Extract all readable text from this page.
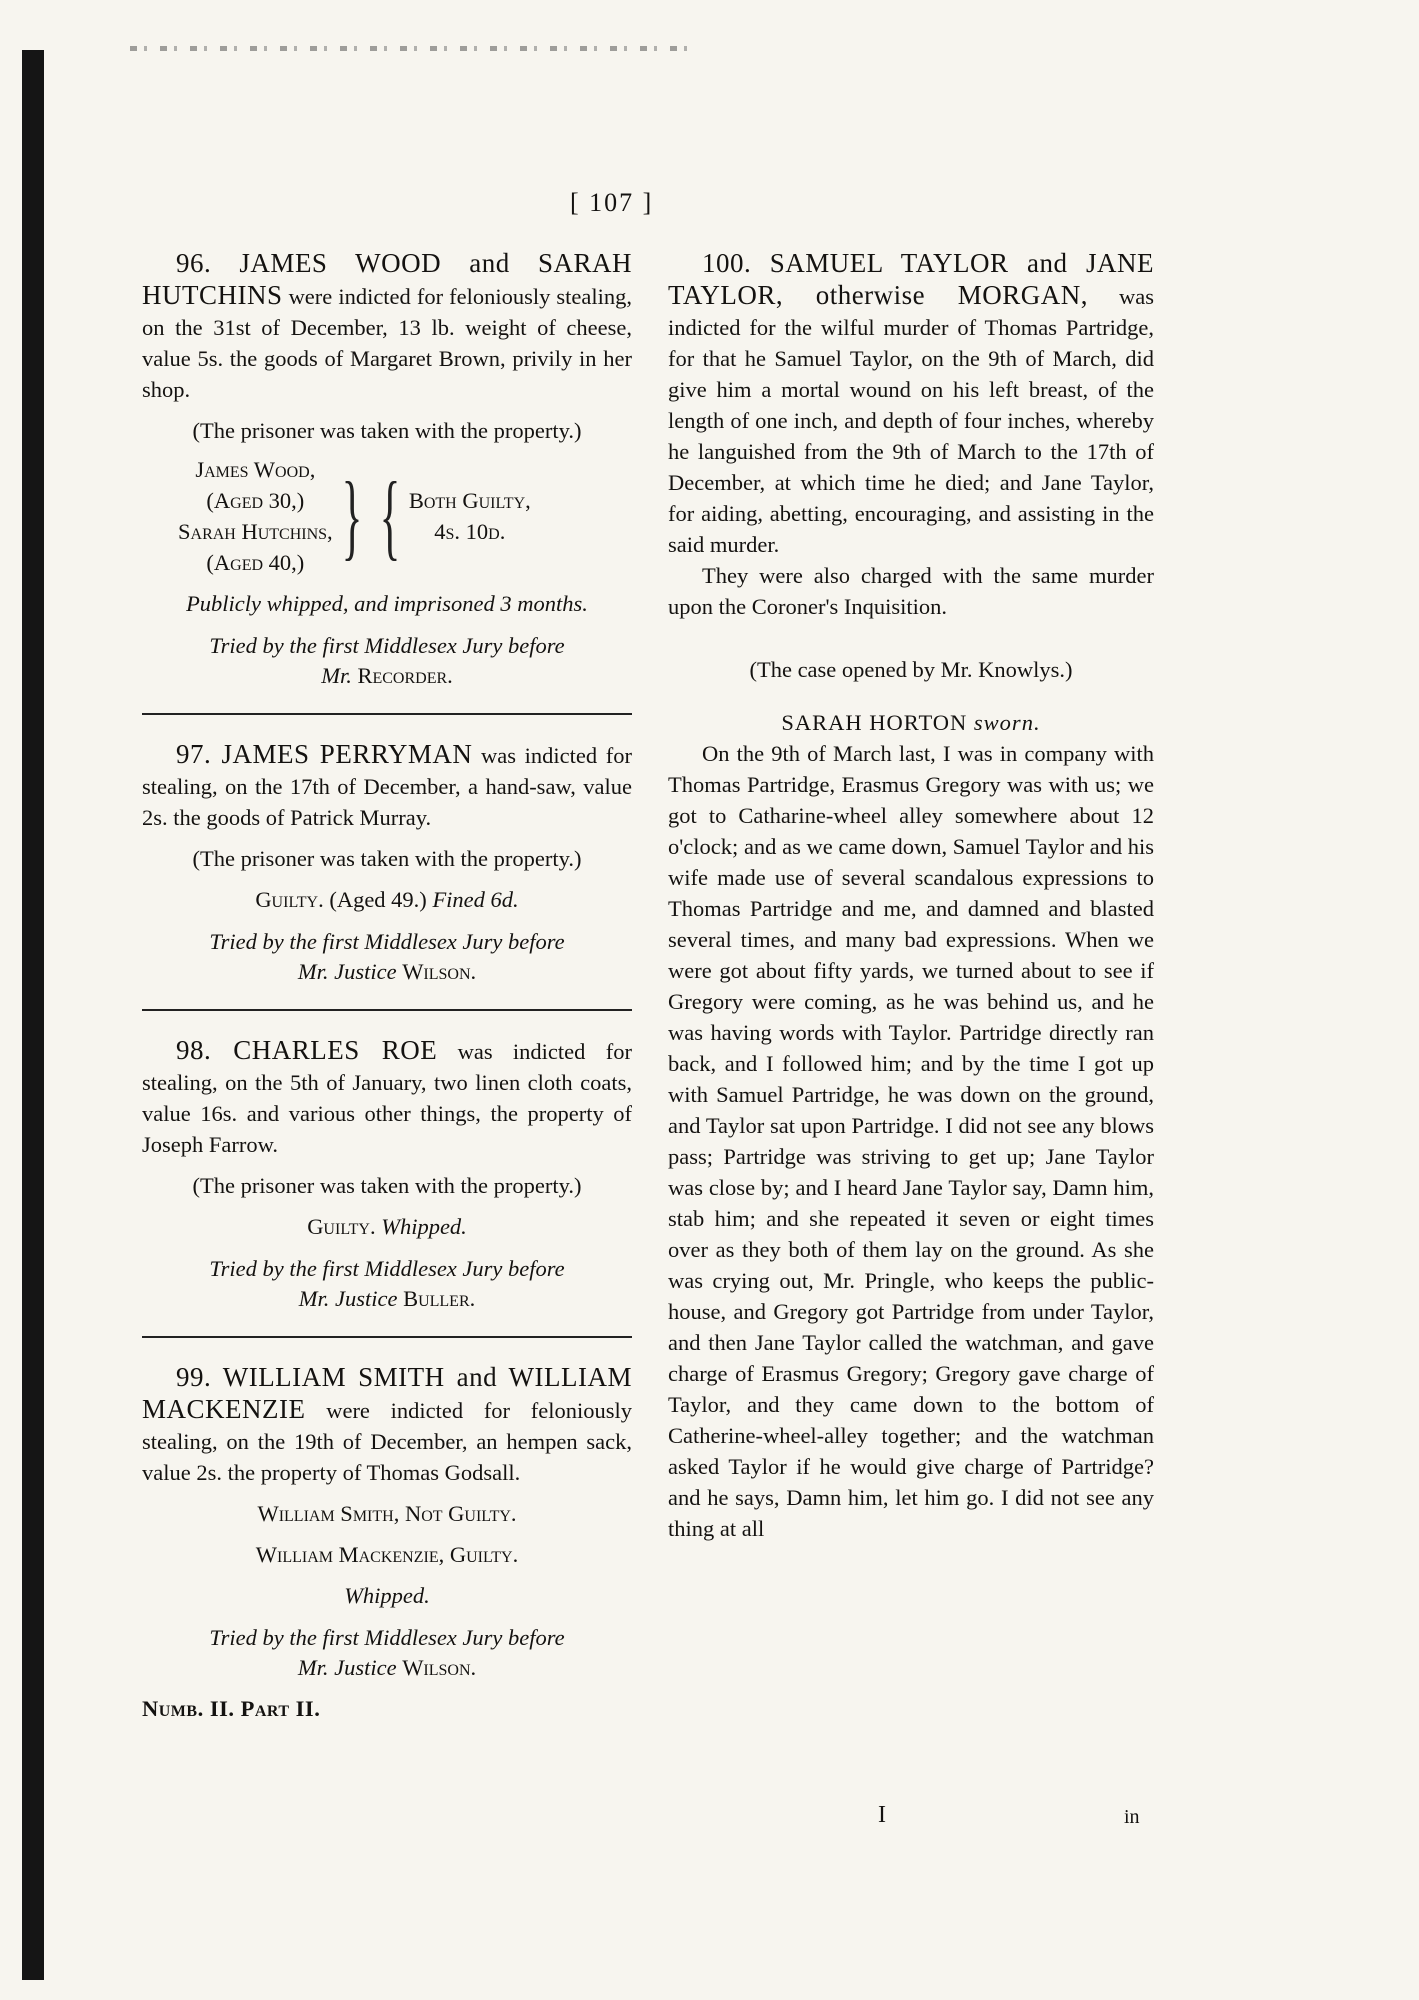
[ 107 ]

96. JAMES WOOD and SARAH HUTCHINS were indicted for feloniously stealing, on the 31st of December, 13 lb. weight of cheese, value 5s. the goods of Margaret Brown, privily in her shop.

(The prisoner was taken with the property.)

James Wood,
(Aged 30,)
Sarah Hutchins,
(Aged 40,) } { Both Guilty,
4s. 10d.

Publicly whipped, and imprisoned 3 months.

Tried by the first Middlesex Jury before
Mr. Recorder.

97. JAMES PERRYMAN was indicted for stealing, on the 17th of December, a hand-saw, value 2s. the goods of Patrick Murray.

(The prisoner was taken with the property.)

Guilty. (Aged 49.) Fined 6d.

Tried by the first Middlesex Jury before
Mr. Justice Wilson.

98. CHARLES ROE was indicted for stealing, on the 5th of January, two linen cloth coats, value 16s. and various other things, the property of Joseph Farrow.

(The prisoner was taken with the property.)

Guilty. Whipped.

Tried by the first Middlesex Jury before
Mr. Justice Buller.

99. WILLIAM SMITH and WILLIAM MACKENZIE were indicted for feloniously stealing, on the 19th of December, an hempen sack, value 2s. the property of Thomas Godsall.

William Smith, Not Guilty.

William Mackenzie, Guilty.

Whipped.

Tried by the first Middlesex Jury before
Mr. Justice Wilson.

Numb. II. Part II.

100. SAMUEL TAYLOR and JANE TAYLOR, otherwise MORGAN, was indicted for the wilful murder of Thomas Partridge, for that he Samuel Taylor, on the 9th of March, did give him a mortal wound on his left breast, of the length of one inch, and depth of four inches, whereby he languished from the 9th of March to the 17th of December, at which time he died; and Jane Taylor, for aiding, abetting, encouraging, and assisting in the said murder.

They were also charged with the same murder upon the Coroner's Inquisition.

(The case opened by Mr. Knowlys.)

SARAH HORTON sworn.

On the 9th of March last, I was in company with Thomas Partridge, Erasmus Gregory was with us; we got to Catharine-wheel alley somewhere about 12 o'clock; and as we came down, Samuel Taylor and his wife made use of several scandalous expressions to Thomas Partridge and me, and damned and blasted several times, and many bad expressions. When we were got about fifty yards, we turned about to see if Gregory were coming, as he was behind us, and he was having words with Taylor. Partridge directly ran back, and I followed him; and by the time I got up with Samuel Partridge, he was down on the ground, and Taylor sat upon Partridge. I did not see any blows pass; Partridge was striving to get up; Jane Taylor was close by; and I heard Jane Taylor say, Damn him, stab him; and she repeated it seven or eight times over as they both of them lay on the ground. As she was crying out, Mr. Pringle, who keeps the public-house, and Gregory got Partridge from under Taylor, and then Jane Taylor called the watchman, and gave charge of Erasmus Gregory; Gregory gave charge of Taylor, and they came down to the bottom of Catherine-wheel-alley together; and the watchman asked Taylor if he would give charge of Partridge? and he says, Damn him, let him go. I did not see any thing at all

I	in
